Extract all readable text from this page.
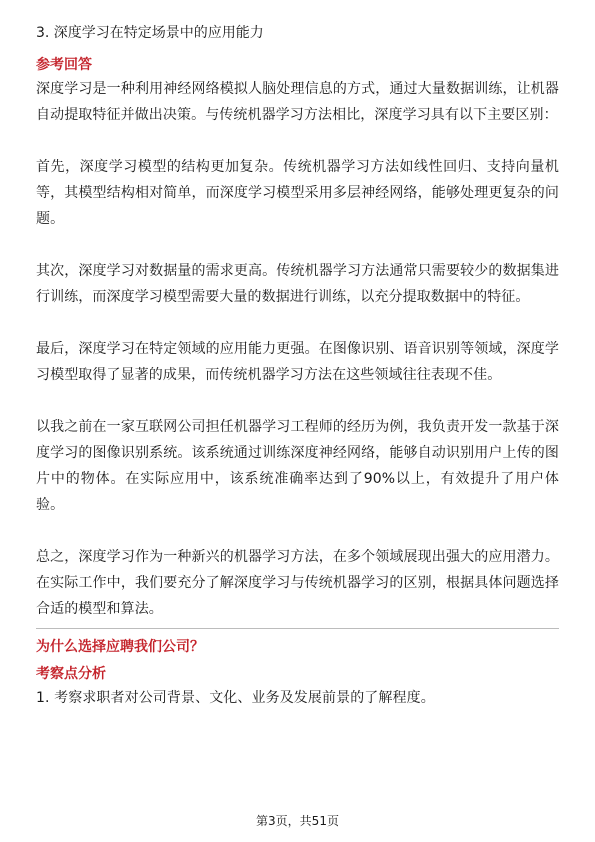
3. 深度学习在特定场景中的应用能力

参考回答

深度学习是一种利用神经网络模拟人脑处理信息的方式，通过大量数据训练，让机器自动提取特征并做出决策。与传统机器学习方法相比，深度学习具有以下主要区别：

首先，深度学习模型的结构更加复杂。传统机器学习方法如线性回归、支持向量机等，其模型结构相对简单，而深度学习模型采用多层神经网络，能够处理更复杂的问题。

其次，深度学习对数据量的需求更高。传统机器学习方法通常只需要较少的数据集进行训练，而深度学习模型需要大量的数据进行训练，以充分提取数据中的特征。

最后，深度学习在特定领域的应用能力更强。在图像识别、语音识别等领域，深度学习模型取得了显著的成果，而传统机器学习方法在这些领域往往表现不佳。

以我之前在一家互联网公司担任机器学习工程师的经历为例，我负责开发一款基于深度学习的图像识别系统。该系统通过训练深度神经网络，能够自动识别用户上传的图片中的物体。在实际应用中，该系统准确率达到了90%以上，有效提升了用户体验。

总之，深度学习作为一种新兴的机器学习方法，在多个领域展现出强大的应用潜力。在实际工作中，我们要充分了解深度学习与传统机器学习的区别，根据具体问题选择合适的模型和算法。

为什么选择应聘我们公司？

考察点分析

1. 考察求职者对公司背景、文化、业务及发展前景的了解程度。

第3页，共51页
